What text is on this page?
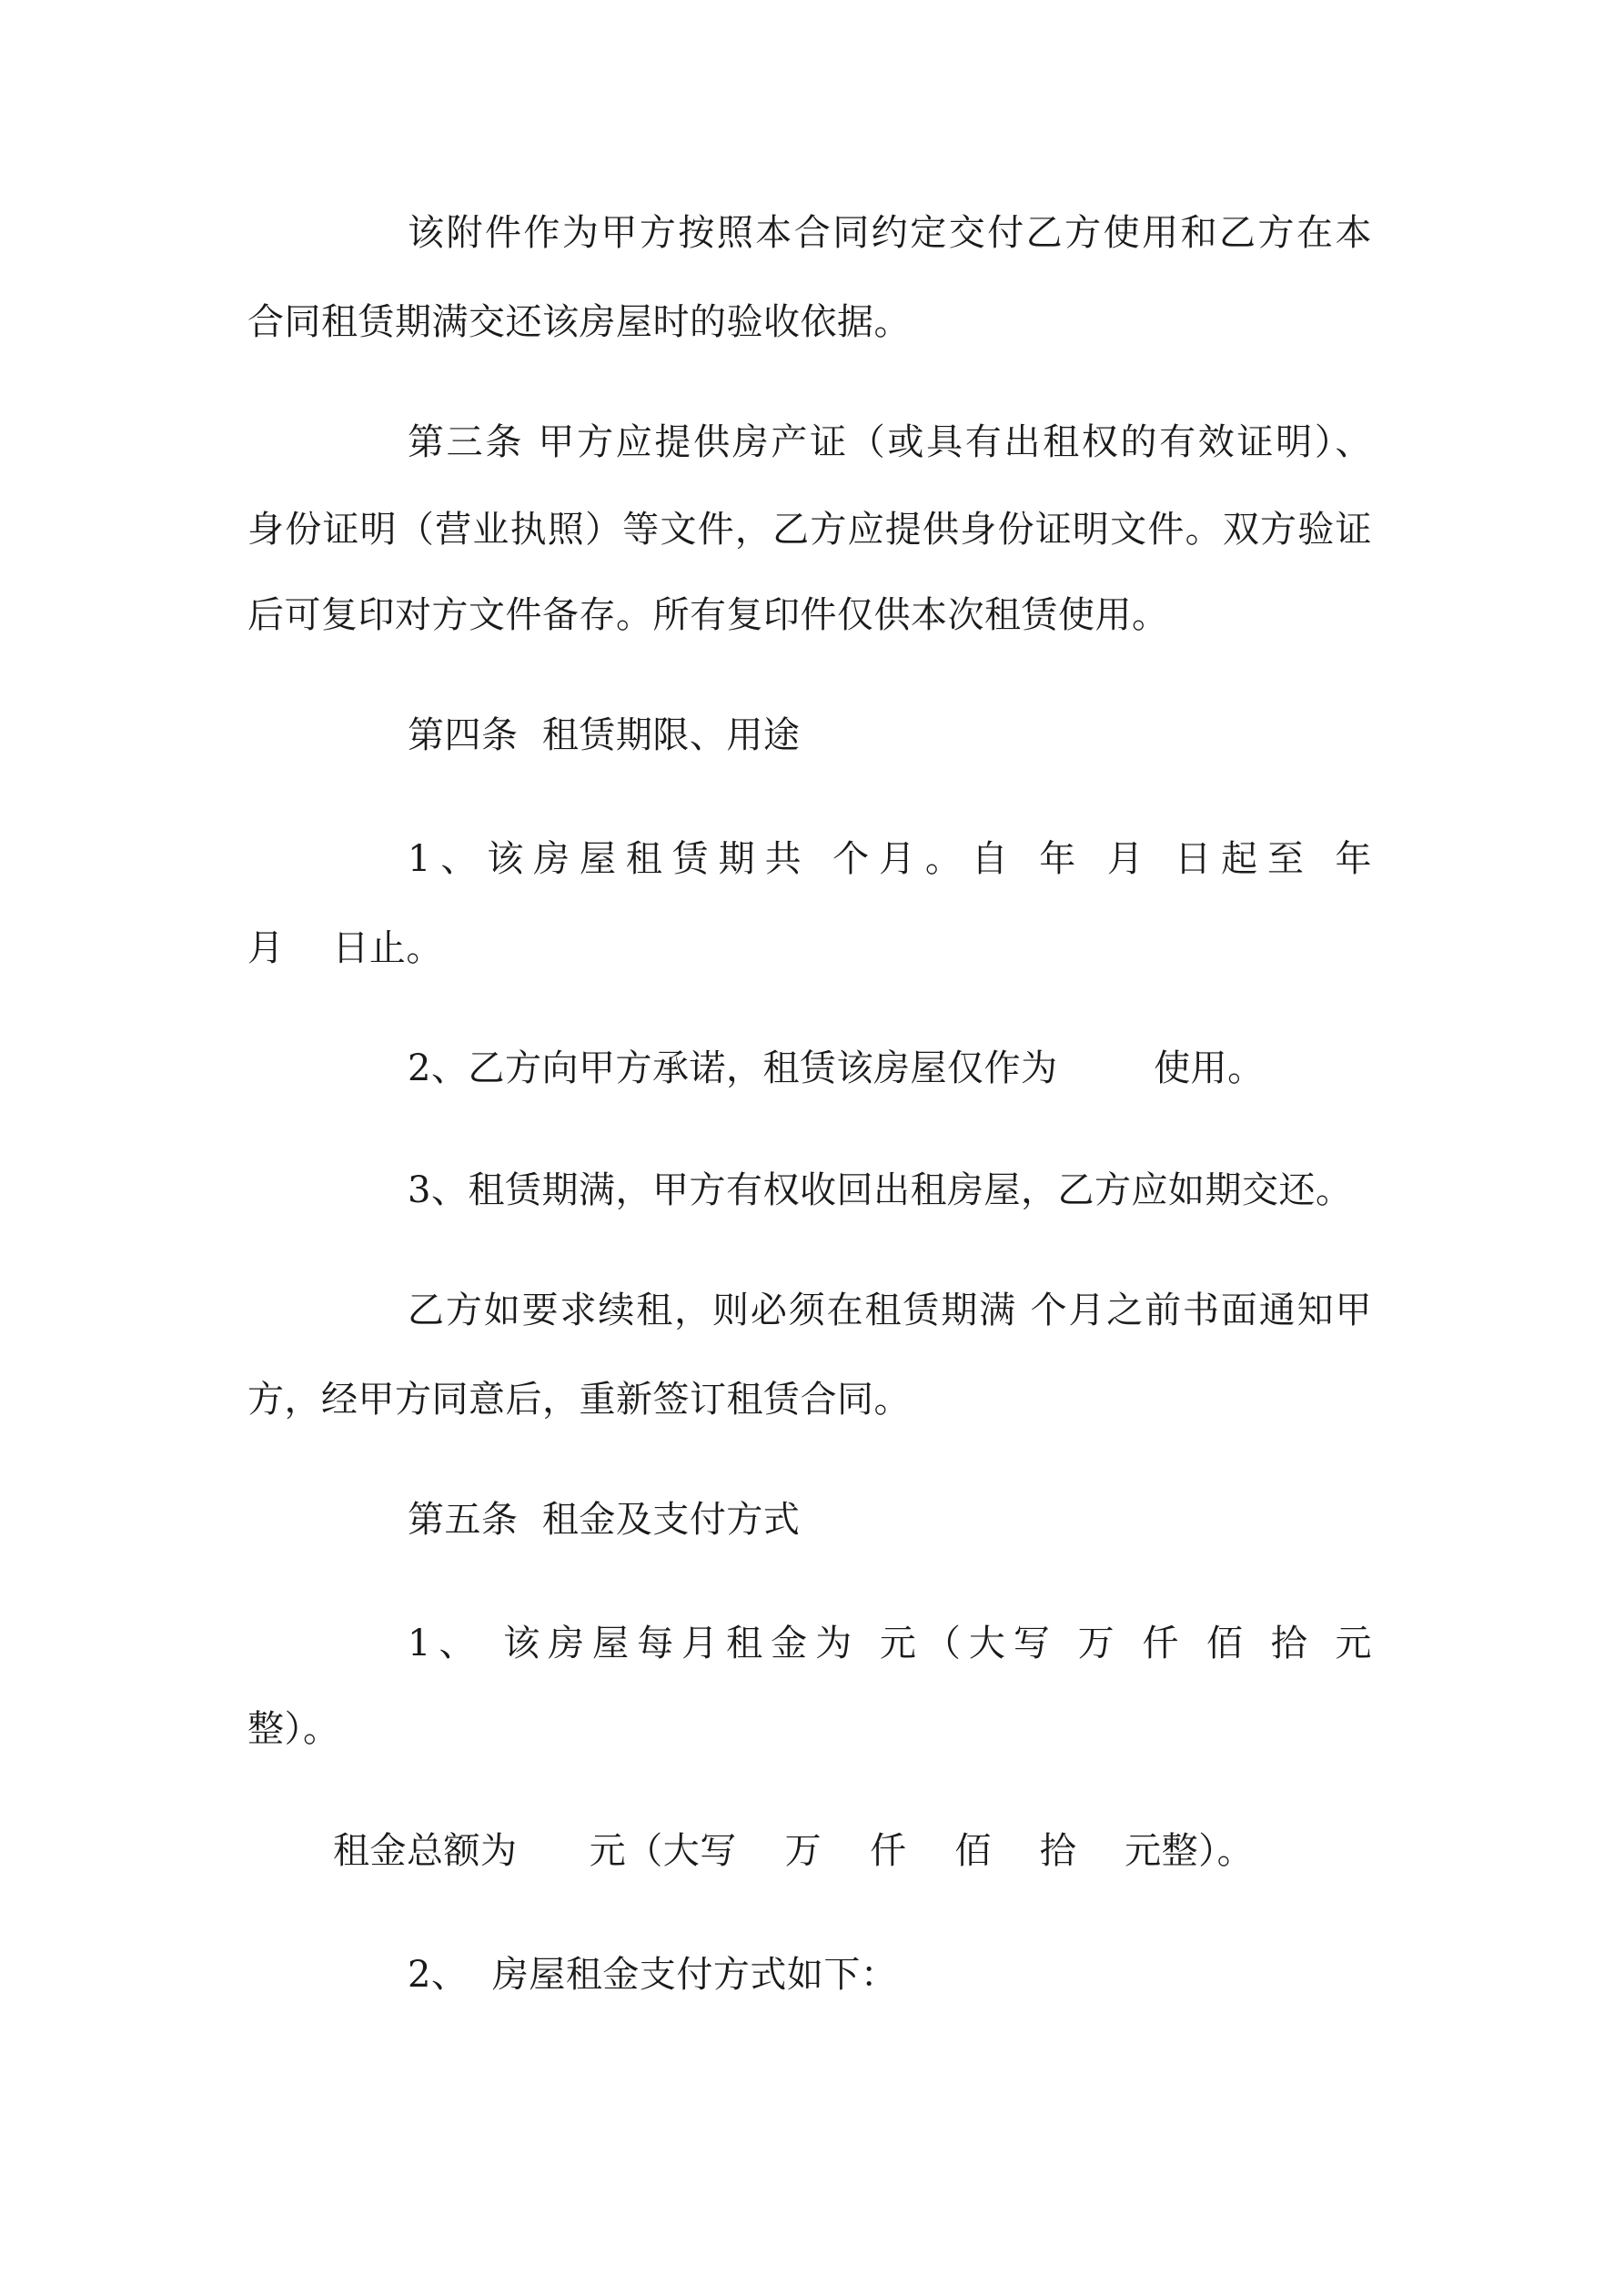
该附件作为甲方按照本合同约定交付乙方使用和乙方在本
合同租赁期满交还该房屋时的验收依据。
第三条 甲方应提供房产证（或具有出租权的有效证明）、
身份证明（营业执照）等文件，乙方应提供身份证明文件。双方验证
后可复印对方文件备存。所有复印件仅供本次租赁使用。
第四条  租赁期限、用途
1、该房屋租赁期共 个月。自 年 月 日起至 年
月    日止。
2、乙方向甲方承诺，租赁该房屋仅作为        使用。
3、租赁期满，甲方有权收回出租房屋，乙方应如期交还。
乙方如要求续租，则必须在租赁期满 个月之前书面通知甲
方，经甲方同意后，重新签订租赁合同。
第五条  租金及支付方式
1、 该房屋每月租金为 元（大写 万 仟 佰 拾 元
整）。
租金总额为      元（大写    万    仟    佰    拾    元整）。
2、  房屋租金支付方式如下：
